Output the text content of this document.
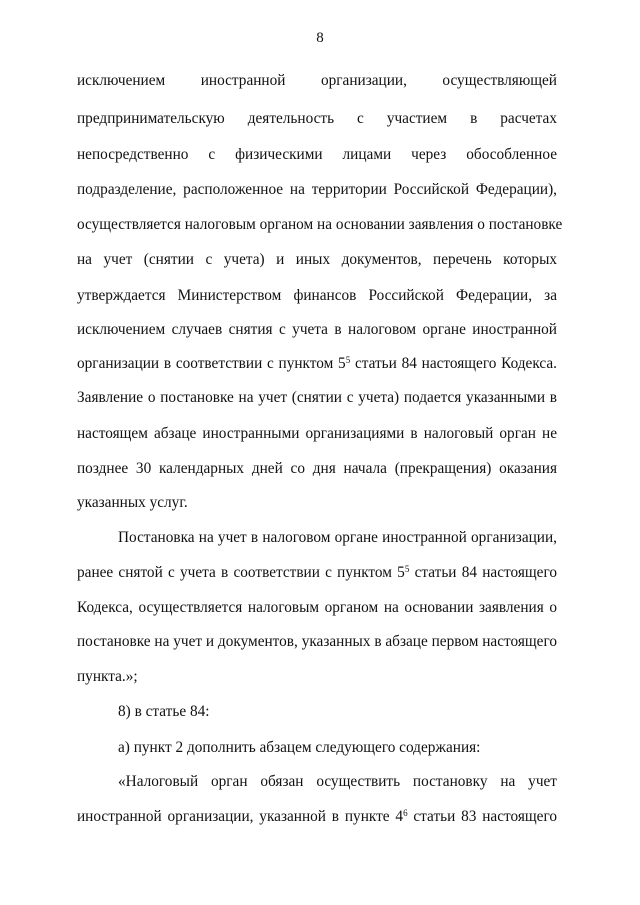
8
исключением иностранной организации, осуществляющей
предпринимательскую деятельность с участием в расчетах
непосредственно с физическими лицами через обособленное
подразделение, расположенное на территории Российской Федерации),
осуществляется налоговым органом на основании заявления о постановке
на учет (снятии с учета) и иных документов, перечень которых
утверждается Министерством финансов Российской Федерации, за
исключением случаев снятия с учета в налоговом органе иностранной
организации в соответствии с пунктом $5^5$ статьи 84 настоящего Кодекса.
Заявление о постановке на учет (снятии с учета) подается указанными в
настоящем абзаце иностранными организациями в налоговый орган не
позднее 30 календарных дней со дня начала (прекращения) оказания
указанных услуг.
Постановка на учет в налоговом органе иностранной организации,
ранее снятой с учета в соответствии с пунктом $5^5$ статьи 84 настоящего
Кодекса, осуществляется налоговым органом на основании заявления о
постановке на учет и документов, указанных в абзаце первом настоящего
пункта.»;
8) в статье 84:
а) пункт 2 дополнить абзацем следующего содержания:
«Налоговый орган обязан осуществить постановку на учет
иностранной организации, указанной в пункте $4^6$ статьи 83 настоящего
